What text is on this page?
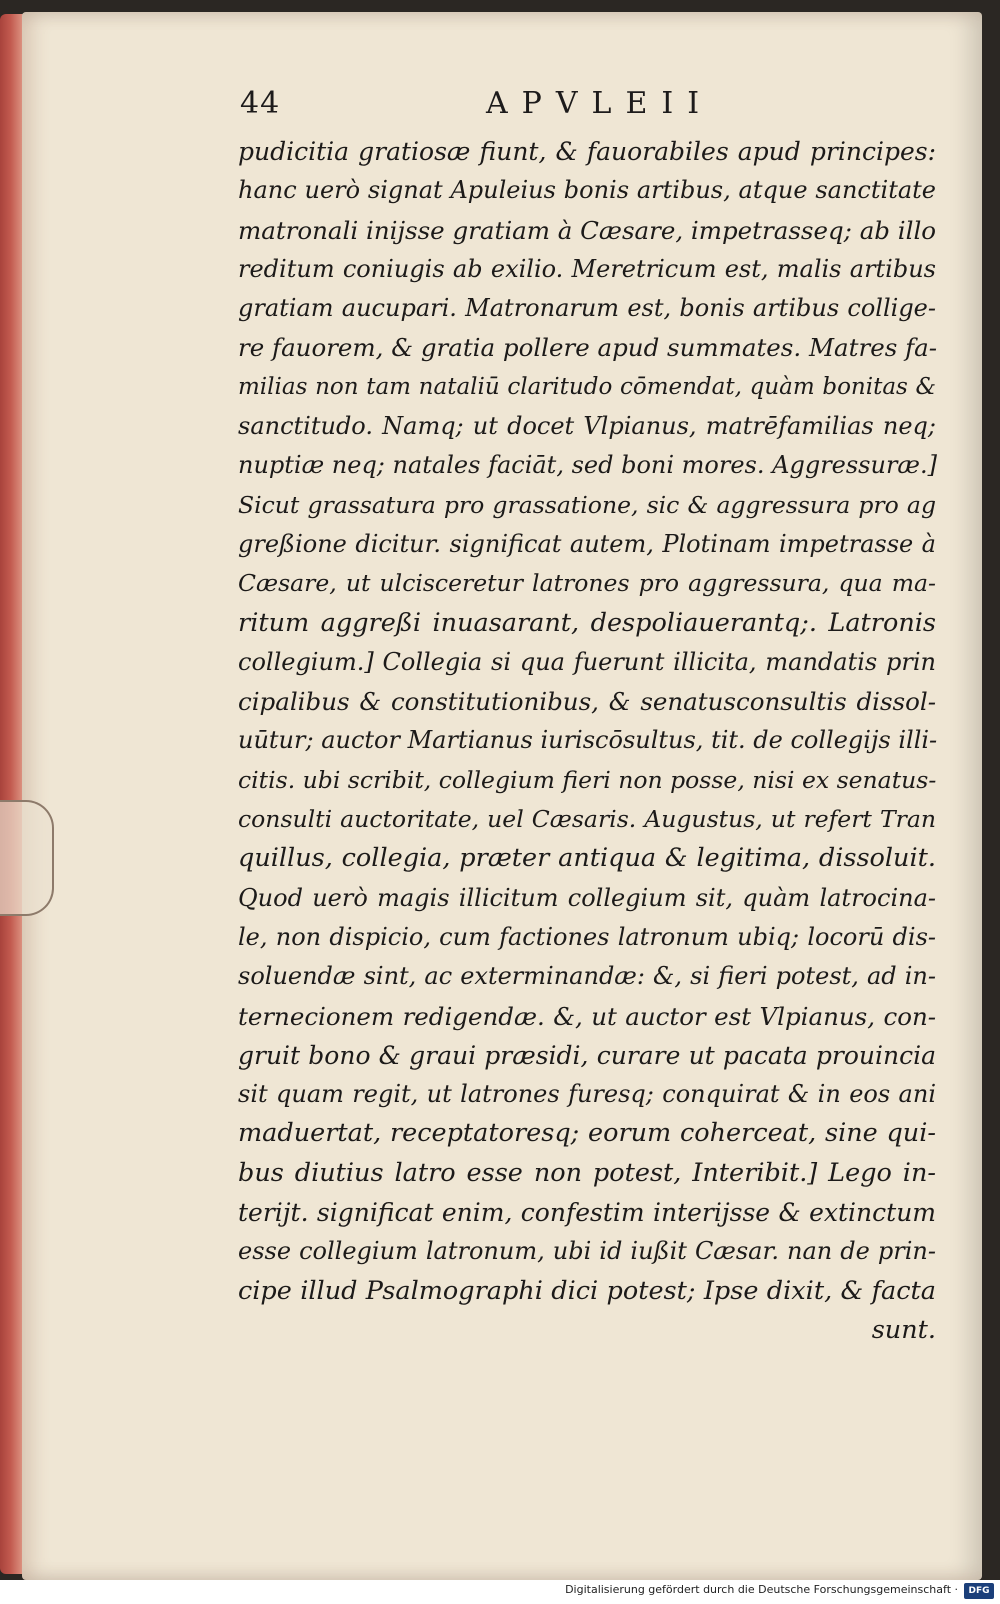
44	APVLEII
pudicitia gratiosæ fiunt, & fauorabiles apud principes:
hanc uerò signat Apuleius bonis artibus, atque sanctitate
matronali inijsse gratiam à Cæsare, impetrasseq; ab illo
reditum coniugis ab exilio. Meretricum est, malis artibus
gratiam aucupari. Matronarum est, bonis artibus collige-
re fauorem, & gratia pollere apud summates. Matres fa-
milias non tam nataliū claritudo cōmendat, quàm bonitas &
sanctitudo. Namq; ut docet Vlpianus, matrēfamilias neq;
nuptiæ neq; natales faciāt, sed boni mores. Aggressuræ.]
Sicut grassatura pro grassatione, sic & aggressura pro ag
greßione dicitur. significat autem, Plotinam impetrasse à
Cæsare, ut ulcisceretur latrones pro aggressura, qua ma-
ritum aggreßi inuasarant, despoliauerantq;. Latronis
collegium.] Collegia si qua fuerunt illicita, mandatis prin
cipalibus & constitutionibus, & senatusconsultis dissol-
uūtur; auctor Martianus iuriscōsultus, tit. de collegijs illi-
citis. ubi scribit, collegium fieri non posse, nisi ex senatus-
consulti auctoritate, uel Cæsaris. Augustus, ut refert Tran
quillus, collegia, præter antiqua & legitima, dissoluit.
Quod uerò magis illicitum collegium sit, quàm latrocina-
le, non dispicio, cum factiones latronum ubiq; locorū dis-
soluendæ sint, ac exterminandæ: &, si fieri potest, ad in-
ternecionem redigendæ. &, ut auctor est Vlpianus, con-
gruit bono & graui præsidi, curare ut pacata prouincia
sit quam regit, ut latrones furesq; conquirat & in eos ani
maduertat, receptatoresq; eorum coherceat, sine qui-
bus diutius latro esse non potest, Interibit.] Lego in-
terijt. significat enim, confestim interijsse & extinctum
esse collegium latronum, ubi id iußit Cæsar. nan de prin-
cipe illud Psalmographi dici potest; Ipse dixit, & facta
sunt.
Digitalisierung gefördert durch die Deutsche Forschungsgemeinschaft ·	DFG
